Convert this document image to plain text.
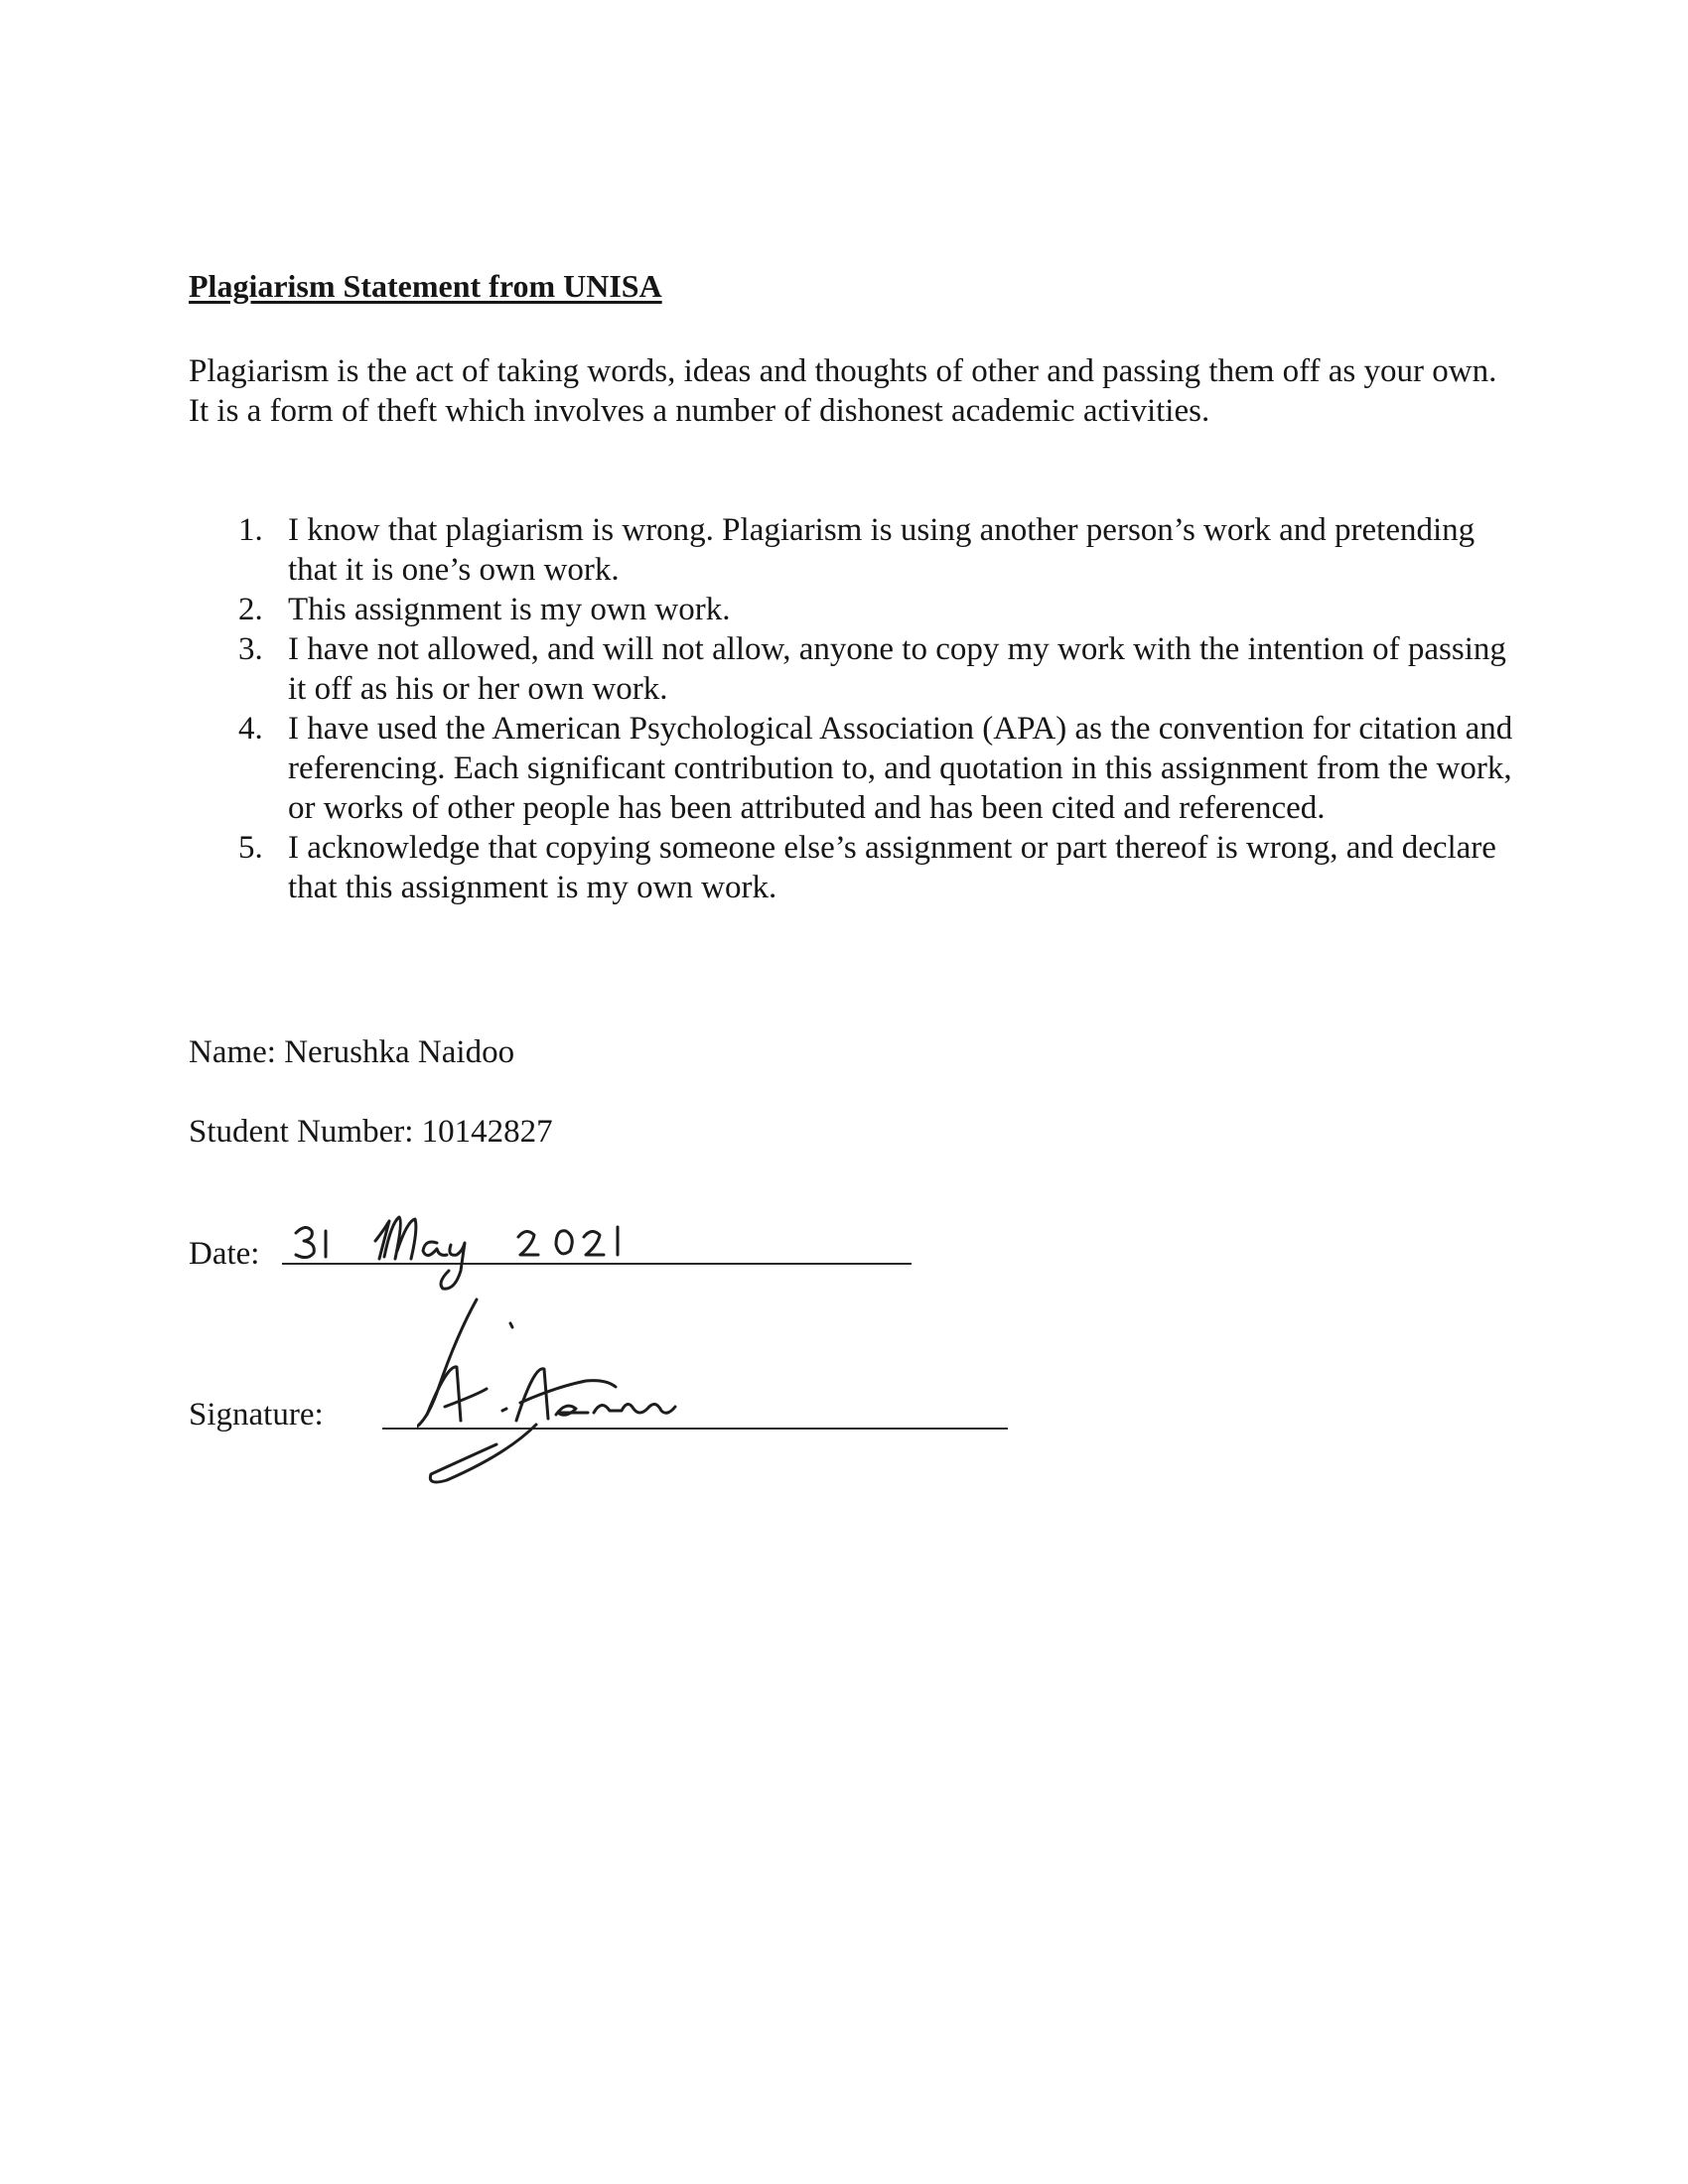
Plagiarism Statement from UNISA

Plagiarism is the act of taking words, ideas and thoughts of other and passing them off as your own. It is a form of theft which involves a number of dishonest academic activities.

1. I know that plagiarism is wrong. Plagiarism is using another person’s work and pretending that it is one’s own work.
2. This assignment is my own work.
3. I have not allowed, and will not allow, anyone to copy my work with the intention of passing it off as his or her own work.
4. I have used the American Psychological Association (APA) as the convention for citation and referencing. Each significant contribution to, and quotation in this assignment from the work, or works of other people has been attributed and has been cited and referenced.
5. I acknowledge that copying someone else’s assignment or part thereof is wrong, and declare that this assignment is my own work.
Name: Nerushka Naidoo
Student Number: 10142827
Date:
Signature:
